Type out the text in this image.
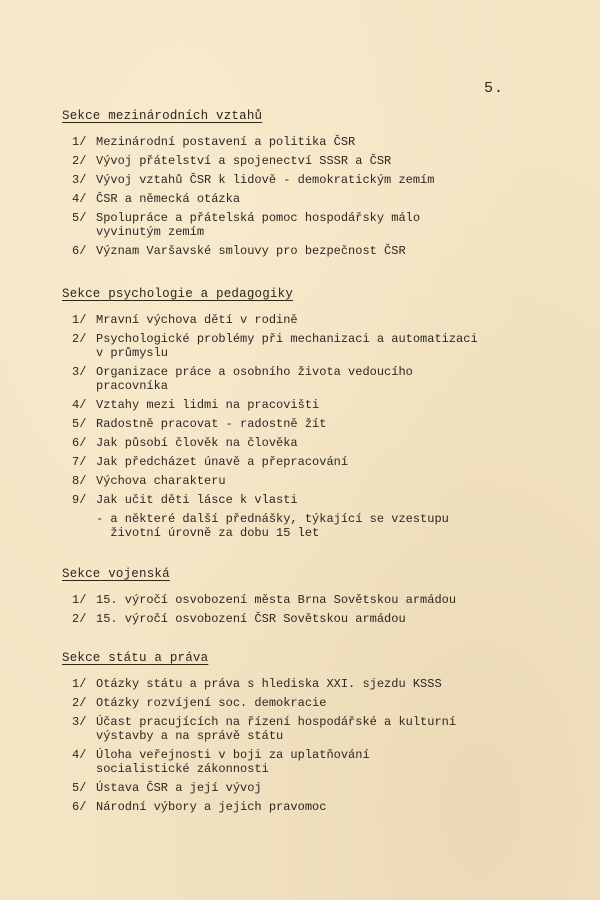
5.
Sekce mezinárodních vztahů
1/ Mezinárodní postavení a politika ČSR
2/ Vývoj přátelství a spojenectví SSSR a ČSR
3/ Vývoj vztahů ČSR k lidově - demokratickým zemím
4/ ČSR a německá otázka
5/ Spolupráce a přátelská pomoc hospodářsky málo
vyvinutým zemím
6/ Význam Varšavské smlouvy pro bezpečnost ČSR
Sekce psychologie a pedagogiky
1/ Mravní výchova dětí v rodině
2/ Psychologické problémy při mechanizaci a automatizaci
v průmyslu
3/ Organizace práce a osobního života vedoucího
pracovníka
4/ Vztahy mezi lidmi na pracovišti
5/ Radostně pracovat - radostně žít
6/ Jak působí člověk na člověka
7/ Jak předcházet únavě a přepracování
8/ Výchova charakteru
9/ Jak učit děti lásce k vlasti
- a některé další přednášky, týkající se vzestupu
životní úrovně za dobu 15 let
Sekce vojenská
1/ 15. výročí osvobození města Brna Sovětskou armádou
2/ 15. výročí osvobození ČSR Sovětskou armádou
Sekce státu a práva
1/ Otázky státu a práva s hlediska XXI. sjezdu KSSS
2/ Otázky rozvíjení soc. demokracie
3/ Účast pracujících na řízení hospodářské a kulturní
výstavby a na správě státu
4/ Úloha veřejnosti v boji za uplatňování
socialistické zákonnosti
5/ Ústava ČSR a její vývoj
6/ Národní výbory a jejich pravomoc
